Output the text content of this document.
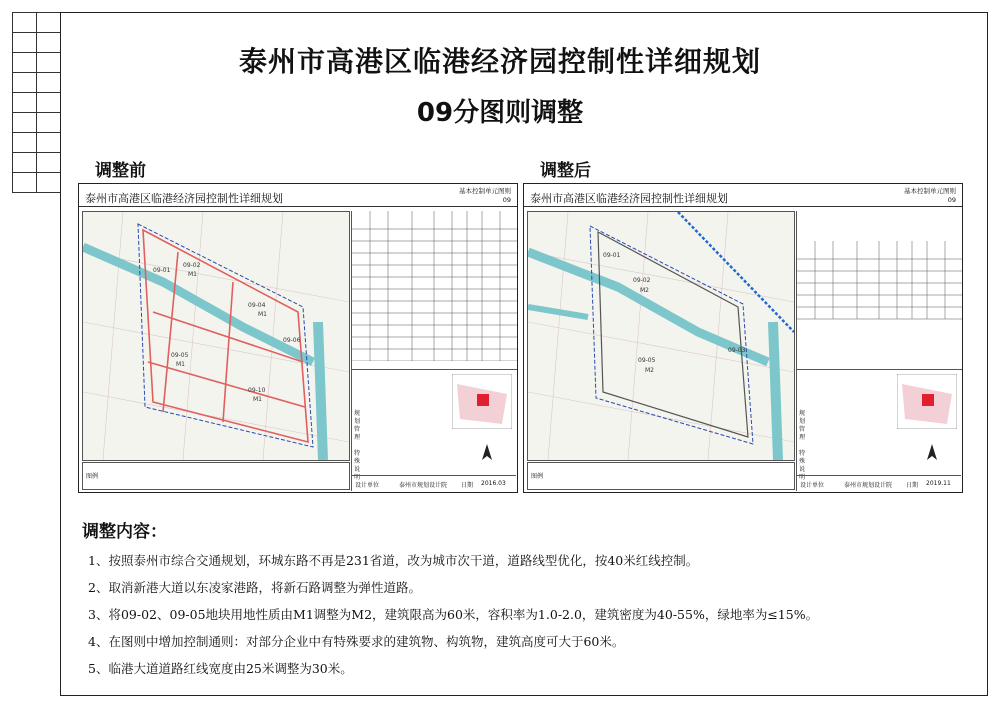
泰州市高港区临港经济园控制性详细规划
09分图则调整
调整前	调整后
泰州市高港区临港经济园控制性详细规划
基本控制单元图则
09
09-02
M1
09-04
M1
09-05
M1
09-10
M1
09-01
09-06
规划管理
特殊说明
图例
设计单位	泰州市规划设计院 日期 2016.03
泰州市高港区临港经济园控制性详细规划
基本控制单元图则
09
09-02
M2
09-05
M2
09-01
09-03
规划管理
特殊说明
图例
设计单位	泰州市规划设计院 日期 2019.11
调整内容：
1、按照泰州市综合交通规划，环城东路不再是231省道，改为城市次干道，道路线型优化，按40米红线控制。
2、取消新港大道以东凌家港路，将新石路调整为弹性道路。
3、将09-02、09-05地块用地性质由M1调整为M2，建筑限高为60米，容积率为1.0-2.0，建筑密度为40-55%，绿地率为≤15%。
4、在图则中增加控制通则：对部分企业中有特殊要求的建筑物、构筑物，建筑高度可大于60米。
5、临港大道道路红线宽度由25米调整为30米。
